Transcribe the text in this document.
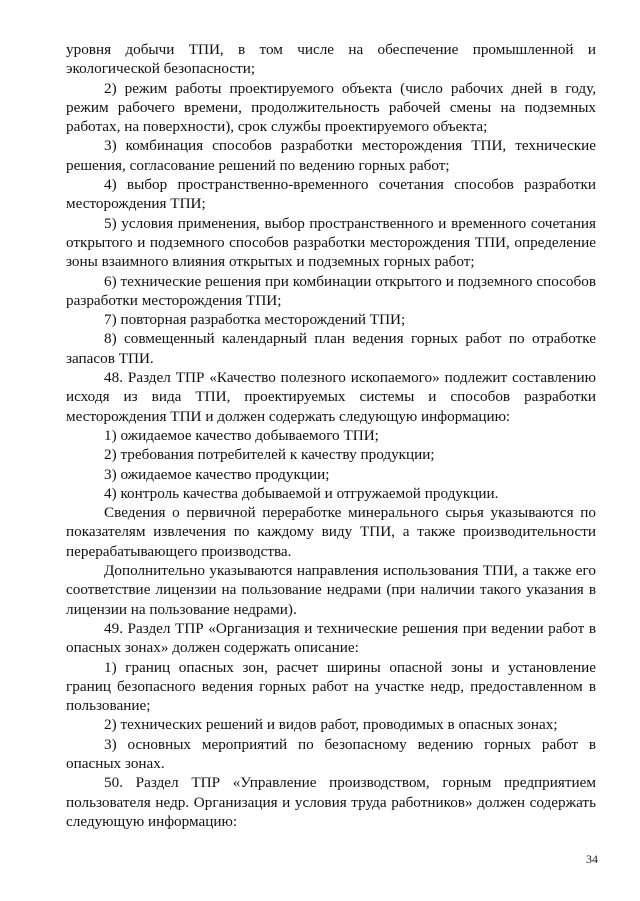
уровня добычи ТПИ, в том числе на обеспечение промышленной и экологической безопасности;

2) режим работы проектируемого объекта (число рабочих дней в году, режим рабочего времени, продолжительность рабочей смены на подземных работах, на поверхности), срок службы проектируемого объекта;

3) комбинация способов разработки месторождения ТПИ, технические решения, согласование решений по ведению горных работ;

4) выбор пространственно-временного сочетания способов разработки месторождения ТПИ;

5) условия применения, выбор пространственного и временного сочетания открытого и подземного способов разработки месторождения ТПИ, определение зоны взаимного влияния открытых и подземных горных работ;

6) технические решения при комбинации открытого и подземного способов разработки месторождения ТПИ;

7) повторная разработка месторождений ТПИ;

8) совмещенный календарный план ведения горных работ по отработке запасов ТПИ.

48. Раздел ТПР «Качество полезного ископаемого» подлежит составлению исходя из вида ТПИ, проектируемых системы и способов разработки месторождения ТПИ и должен содержать следующую информацию:

1) ожидаемое качество добываемого ТПИ;

2) требования потребителей к качеству продукции;

3) ожидаемое качество продукции;

4) контроль качества добываемой и отгружаемой продукции.

Сведения о первичной переработке минерального сырья указываются по показателям извлечения по каждому виду ТПИ, а также производительности перерабатывающего производства.

Дополнительно указываются направления использования ТПИ, а также его соответствие лицензии на пользование недрами (при наличии такого указания в лицензии на пользование недрами).

49. Раздел ТПР «Организация и технические решения при ведении работ в опасных зонах» должен содержать описание:

1) границ опасных зон, расчет ширины опасной зоны и установление границ безопасного ведения горных работ на участке недр, предоставленном в пользование;

2) технических решений и видов работ, проводимых в опасных зонах;

3) основных мероприятий по безопасному ведению горных работ в опасных зонах.

50. Раздел ТПР «Управление производством, горным предприятием пользователя недр. Организация и условия труда работников» должен содержать следующую информацию:

34
